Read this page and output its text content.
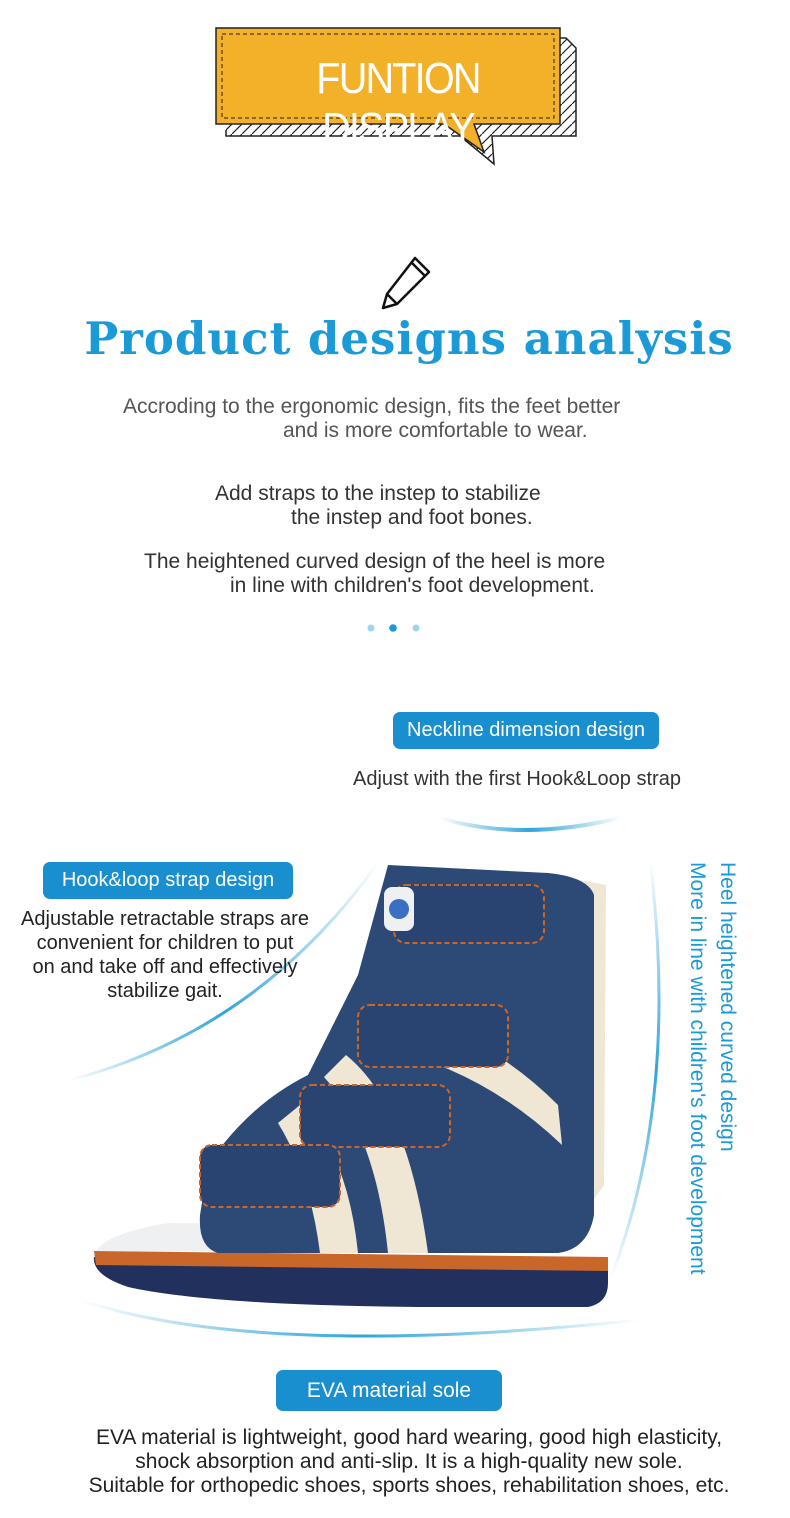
FUNTION DISPLAY
Product designs analysis
Accroding to the ergonomic design, fits the feet better
and is more comfortable to wear.
Add straps to the instep to stabilize
the instep and foot bones.
The heightened curved design of the heel is more
in line with children's foot development.
Neckline dimension design
Adjust with the first Hook&Loop strap
Hook&loop strap design
Adjustable retractable straps are
convenient for children to put
on and take off and effectively
stabilize gait.	Heel heightened curved design
More in line with children's foot development
EVA material sole
EVA material is lightweight, good hard wearing, good high elasticity,
shock absorption and anti-slip. It is a high-quality new sole.
Suitable for orthopedic shoes, sports shoes, rehabilitation shoes, etc.
